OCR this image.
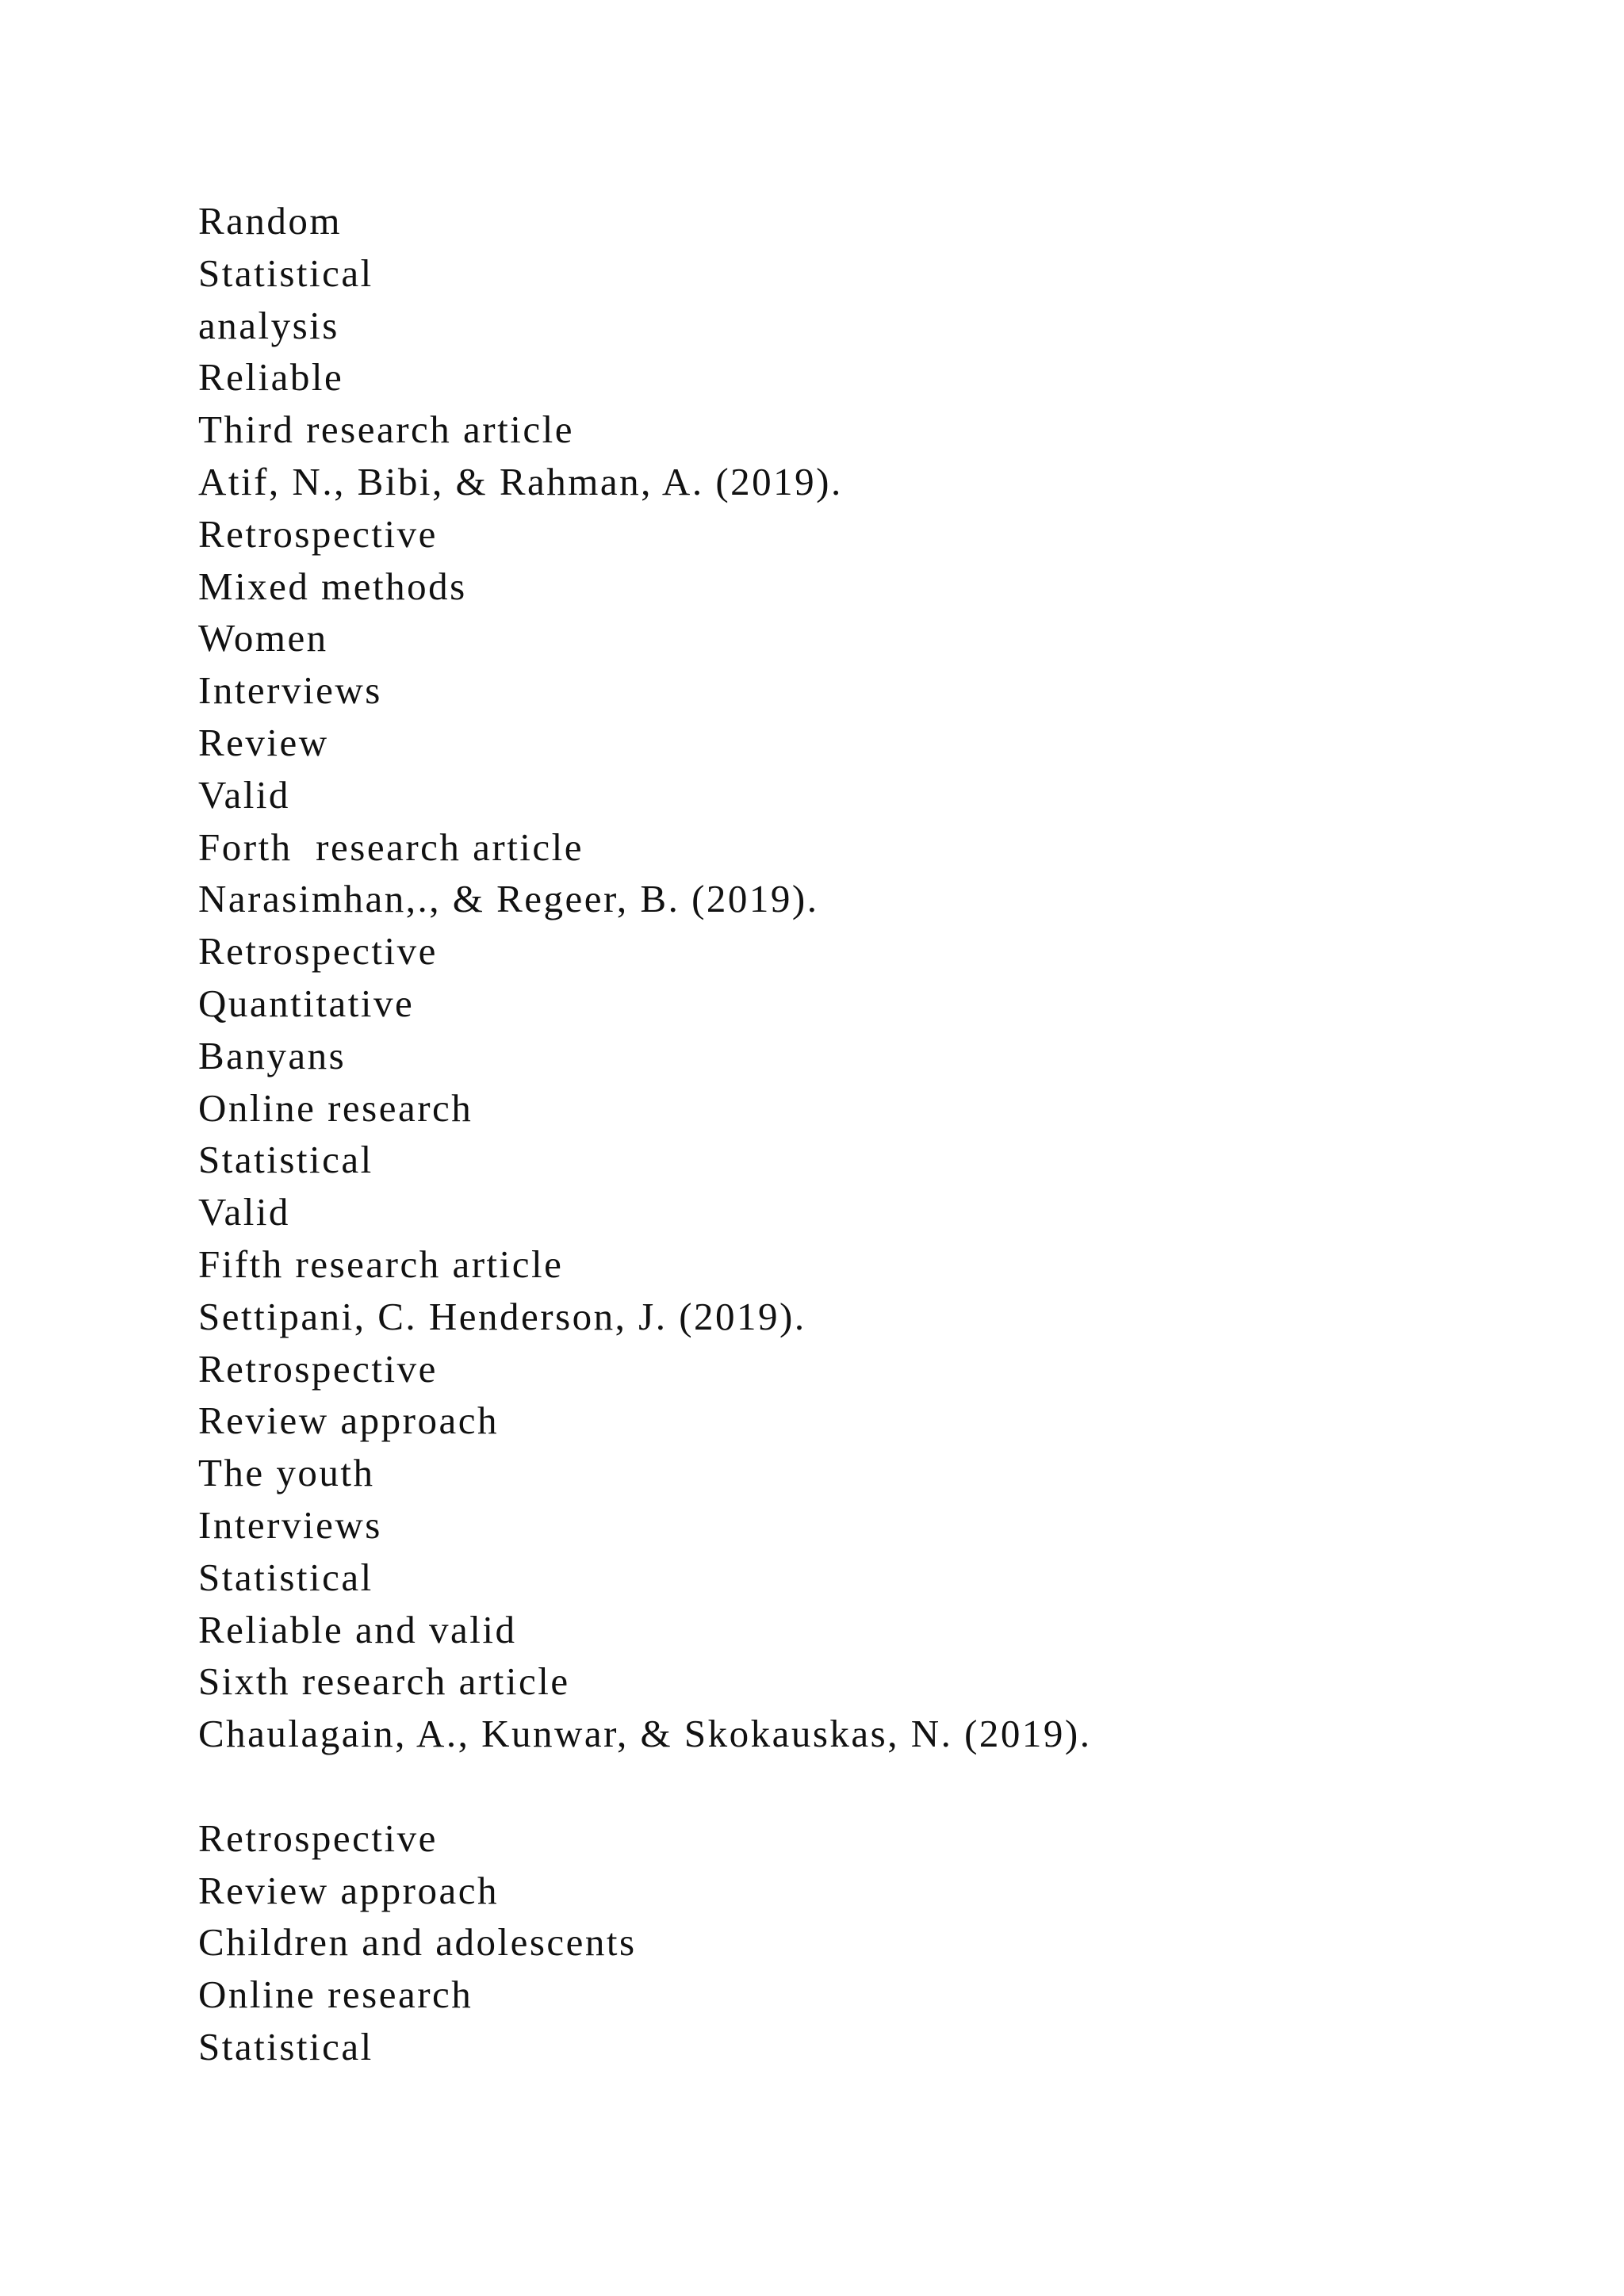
Random
Statistical
analysis
Reliable
Third research article
Atif, N., Bibi, & Rahman, A. (2019).
Retrospective
Mixed methods
Women
Interviews
Review
Valid
Forth  research article
Narasimhan,., & Regeer, B. (2019).
Retrospective
Quantitative
Banyans
Online research
Statistical
Valid
Fifth research article
Settipani, C. Henderson, J. (2019).
Retrospective
Review approach
The youth
Interviews
Statistical
Reliable and valid
Sixth research article
Chaulagain, A., Kunwar, & Skokauskas, N. (2019).
Retrospective
Review approach
Children and adolescents
Online research
Statistical
